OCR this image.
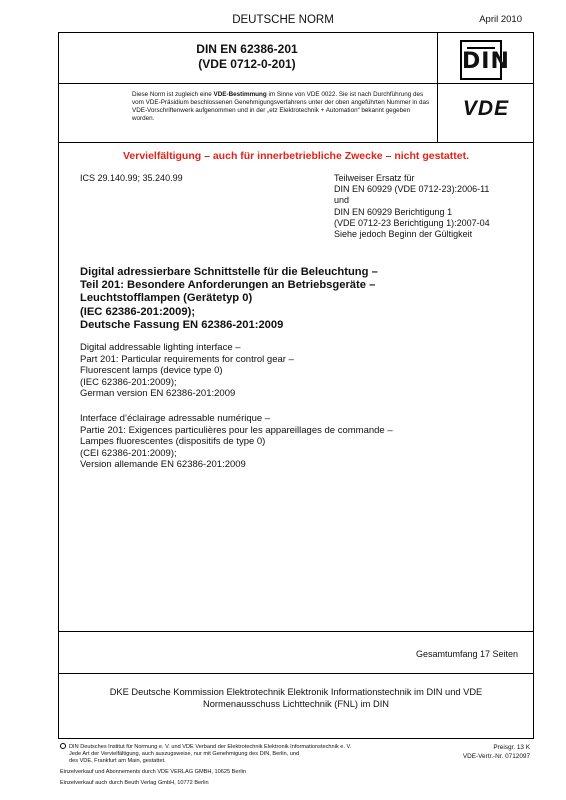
DEUTSCHE NORM	April 2010
DIN EN 62386-201
(VDE 0712-0-201)	DIN
Diese Norm ist zugleich eine VDE-Bestimmung im Sinne von VDE 0022. Sie ist nach Durchführung des vom VDE-Präsidium beschlossenen Genehmigungsverfahrens unter der oben angeführten Nummer in das VDE-Vorschriftenwerk aufgenommen und in der „etz Elektrotechnik + Automation“ bekannt gegeben worden.	VDE
Vervielfältigung – auch für innerbetriebliche Zwecke – nicht gestattet.
ICS 29.140.99; 35.240.99	Teilweiser Ersatz für
DIN EN 60929 (VDE 0712-23):2006-11
und
DIN EN 60929 Berichtigung 1
(VDE 0712-23 Berichtigung 1):2007-04
Siehe jedoch Beginn der Gültigkeit
Digital adressierbare Schnittstelle für die Beleuchtung –
Teil 201: Besondere Anforderungen an Betriebsgeräte –
Leuchtstofflampen (Gerätetyp 0)
(IEC 62386-201:2009);
Deutsche Fassung EN 62386-201:2009
Digital addressable lighting interface –
Part 201: Particular requirements for control gear –
Fluorescent lamps (device type 0)
(IEC 62386-201:2009);
German version EN 62386-201:2009
Interface d’éclairage adressable numérique –
Partie 201: Exigences particulières pour les appareillages de commande –
Lampes fluorescentes (dispositifs de type 0)
(CEI 62386-201:2009);
Version allemande EN 62386-201:2009
Gesamtumfang 17 Seiten
DKE Deutsche Kommission Elektrotechnik Elektronik Informationstechnik im DIN und VDE
Normenausschuss Lichttechnik (FNL) im DIN
DIN Deutsches Institut für Normung e. V. und VDE Verband der Elektrotechnik Elektronik Informationstechnik e. V.
Jede Art der Vervielfältigung, auch auszugsweise, nur mit Genehmigung des DIN, Berlin, und
des VDE, Frankfurt am Main, gestattet.
Preisgr. 13 K
VDE-Vertr.-Nr. 0712097
Einzelverkauf und Abonnements durch VDE VERLAG GMBH, 10625 Berlin
Einzelverkauf auch durch Beuth Verlag GmbH, 10772 Berlin
